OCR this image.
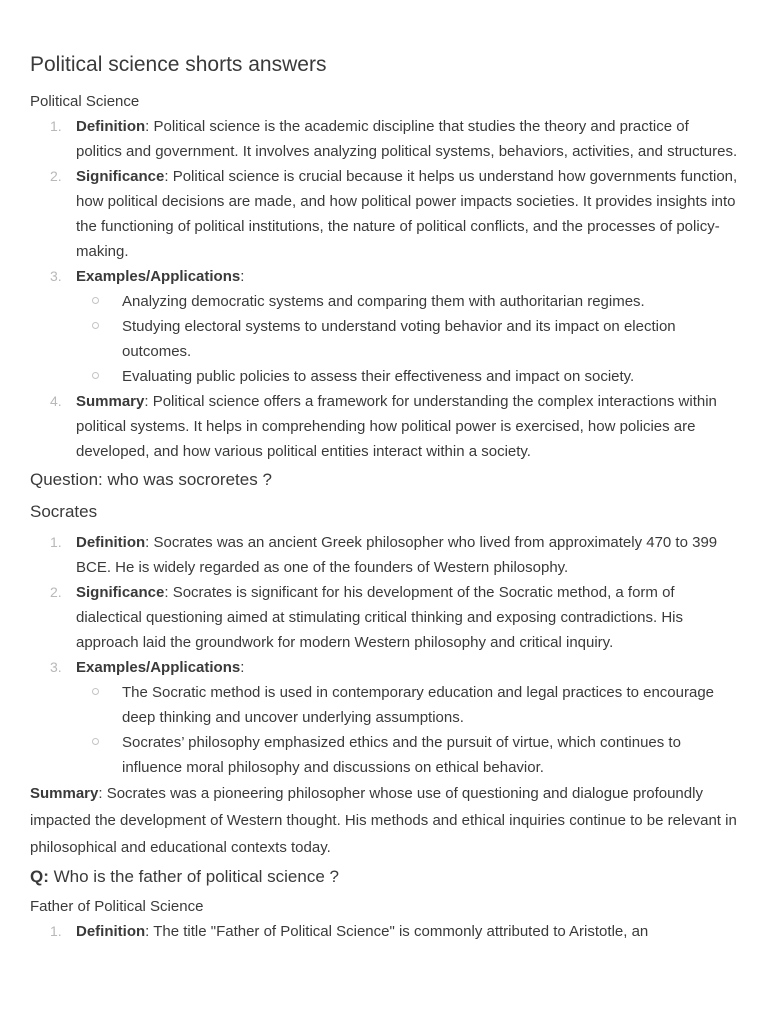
Political science shorts answers
Political Science
1. Definition: Political science is the academic discipline that studies the theory and practice of politics and government. It involves analyzing political systems, behaviors, activities, and structures.
2. Significance: Political science is crucial because it helps us understand how governments function, how political decisions are made, and how political power impacts societies. It provides insights into the functioning of political institutions, the nature of political conflicts, and the processes of policy-making.
3. Examples/Applications:
Analyzing democratic systems and comparing them with authoritarian regimes.
Studying electoral systems to understand voting behavior and its impact on election outcomes.
Evaluating public policies to assess their effectiveness and impact on society.
4. Summary: Political science offers a framework for understanding the complex interactions within political systems. It helps in comprehending how political power is exercised, how policies are developed, and how various political entities interact within a society.
Question: who was socroretes ?
Socrates
1. Definition: Socrates was an ancient Greek philosopher who lived from approximately 470 to 399 BCE. He is widely regarded as one of the founders of Western philosophy.
2. Significance: Socrates is significant for his development of the Socratic method, a form of dialectical questioning aimed at stimulating critical thinking and exposing contradictions. His approach laid the groundwork for modern Western philosophy and critical inquiry.
3. Examples/Applications:
The Socratic method is used in contemporary education and legal practices to encourage deep thinking and uncover underlying assumptions.
Socrates’ philosophy emphasized ethics and the pursuit of virtue, which continues to influence moral philosophy and discussions on ethical behavior.

Summary: Socrates was a pioneering philosopher whose use of questioning and dialogue profoundly impacted the development of Western thought. His methods and ethical inquiries continue to be relevant in philosophical and educational contexts today.

Q: Who is the father of political science ?
Father of Political Science
1. Definition: The title "Father of Political Science" is commonly attributed to Aristotle, an
